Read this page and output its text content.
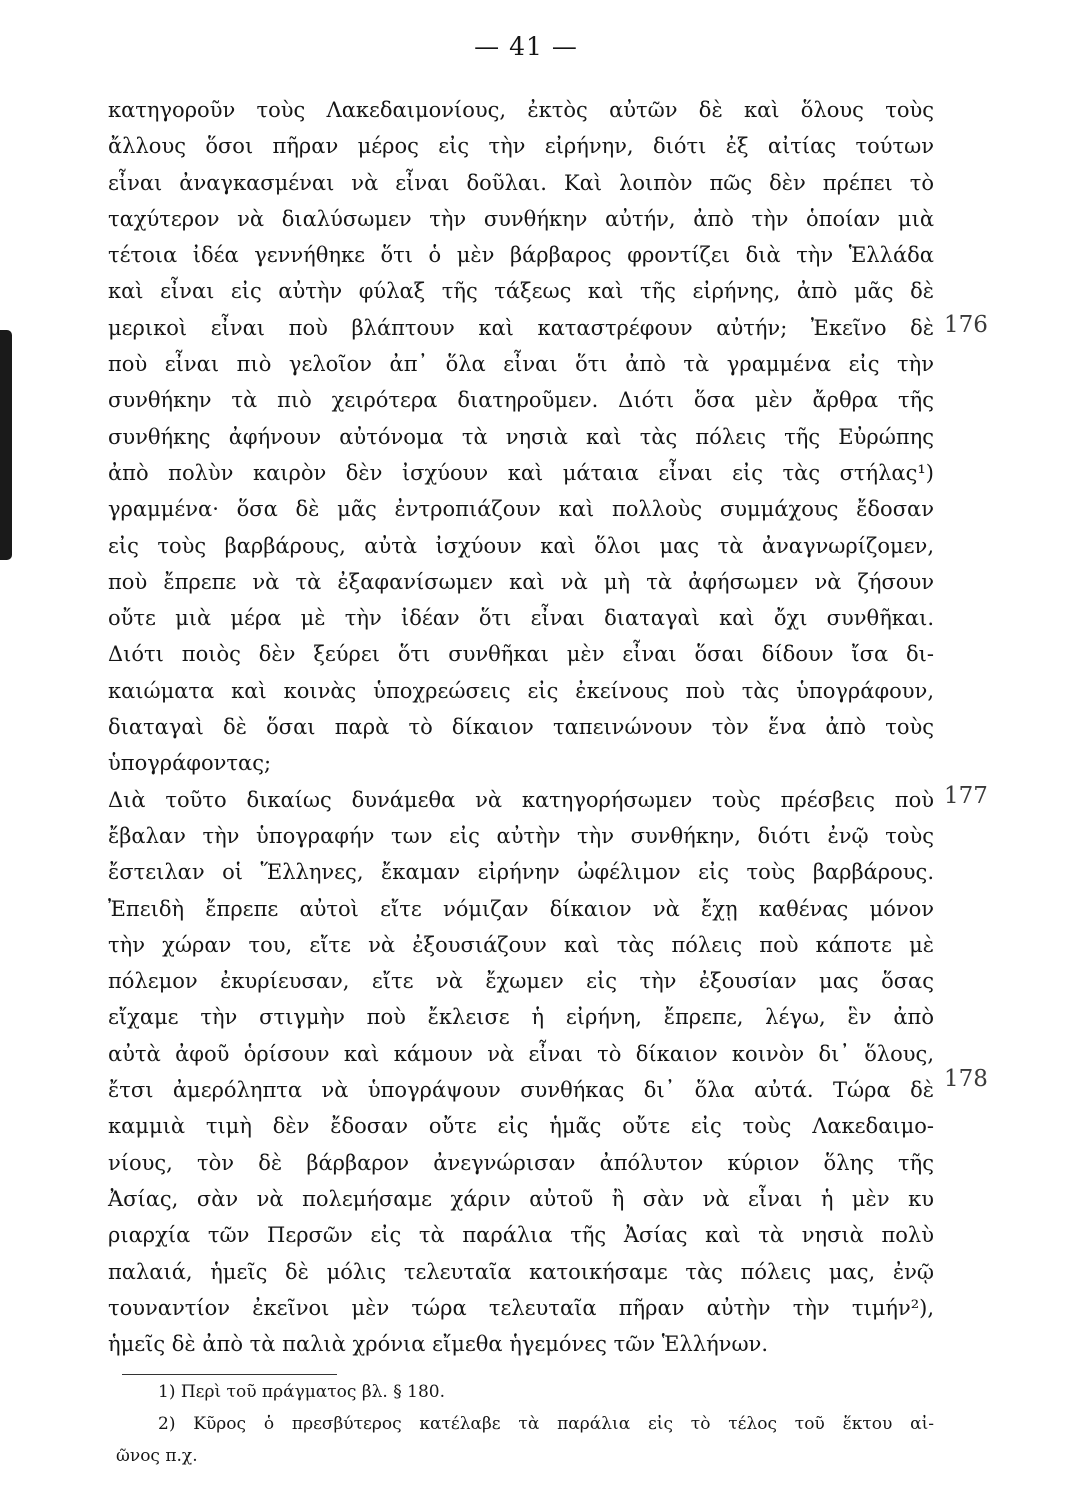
— 41 —
κατηγοροῦν τοὺς Λακεδαιμονίους, ἐκτὸς αὐτῶν δὲ καὶ ὅλους τοὺς
ἄλλους ὅσοι πῆραν μέρος εἰς τὴν εἰρήνην, διότι ἐξ αἰτίας τούτων
εἶναι ἀναγκασμέναι νὰ εἶναι δοῦλαι. Καὶ λοιπὸν πῶς δὲν πρέπει τὸ
ταχύτερον νὰ διαλύσωμεν τὴν συνθήκην αὐτήν, ἀπὸ τὴν ὁποίαν μιὰ
τέτοια ἰδέα γεννήθηκε ὅτι ὁ μὲν βάρβαρος φροντίζει διὰ τὴν Ἑλλάδα
καὶ εἶναι εἰς αὐτὴν φύλαξ τῆς τάξεως καὶ τῆς εἰρήνης, ἀπὸ μᾶς δὲ
μερικοὶ εἶναι ποὺ βλάπτουν καὶ καταστρέφουν αὐτήν; Ἐκεῖνο δὲ
ποὺ εἶναι πιὸ γελοῖον ἀπ᾿ ὅλα εἶναι ὅτι ἀπὸ τὰ γραμμένα εἰς τὴν
συνθήκην τὰ πιὸ χειρότερα διατηροῦμεν. Διότι ὅσα μὲν ἄρθρα τῆς
συνθήκης ἀφήνουν αὐτόνομα τὰ νησιὰ καὶ τὰς πόλεις τῆς Εὐρώπης
ἀπὸ πολὺν καιρὸν δὲν ἰσχύουν καὶ μάταια εἶναι εἰς τὰς στήλας¹)
γραμμένα· ὅσα δὲ μᾶς ἐντροπιάζουν καὶ πολλοὺς συμμάχους ἔδοσαν
εἰς τοὺς βαρβάρους, αὐτὰ ἰσχύουν καὶ ὅλοι μας τὰ ἀναγνωρίζομεν,
ποὺ ἔπρεπε νὰ τὰ ἐξαφανίσωμεν καὶ νὰ μὴ τὰ ἀφήσωμεν νὰ ζήσουν
οὔτε μιὰ μέρα μὲ τὴν ἰδέαν ὅτι εἶναι διαταγαὶ καὶ ὄχι συνθῆκαι.
Διότι ποιὸς δὲν ξεύρει ὅτι συνθῆκαι μὲν εἶναι ὅσαι δίδουν ἴσα δι-
καιώματα καὶ κοινὰς ὑποχρεώσεις εἰς ἐκείνους ποὺ τὰς ὑπογράφουν,
διαταγαὶ δὲ ὅσαι παρὰ τὸ δίκαιον ταπεινώνουν τὸν ἕνα ἀπὸ τοὺς
ὑπογράφοντας;
Διὰ τοῦτο δικαίως δυνάμεθα νὰ κατηγορήσωμεν τοὺς πρέσβεις ποὺ
ἔβαλαν τὴν ὑπογραφήν των εἰς αὐτὴν τὴν συνθήκην, διότι ἐνῷ τοὺς
ἔστειλαν οἱ Ἕλληνες, ἔκαμαν εἰρήνην ὠφέλιμον εἰς τοὺς βαρβάρους.
Ἐπειδὴ ἔπρεπε αὐτοὶ εἴτε νόμιζαν δίκαιον νὰ ἔχῃ καθένας μόνον
τὴν χώραν του, εἴτε νὰ ἐξουσιάζουν καὶ τὰς πόλεις ποὺ κάποτε μὲ
πόλεμον ἐκυρίευσαν, εἴτε νὰ ἔχωμεν εἰς τὴν ἐξουσίαν μας ὅσας
εἴχαμε τὴν στιγμὴν ποὺ ἔκλεισε ἡ εἰρήνη, ἔπρεπε, λέγω, ἓν ἀπὸ
αὐτὰ ἀφοῦ ὁρίσουν καὶ κάμουν νὰ εἶναι τὸ δίκαιον κοινὸν δι᾿ ὅλους,
ἔτσι ἀμερόληπτα νὰ ὑπογράψουν συνθήκας δι᾿ ὅλα αὐτά. Τώρα δὲ
καμμιὰ τιμὴ δὲν ἔδοσαν οὔτε εἰς ἡμᾶς οὔτε εἰς τοὺς Λακεδαιμο-
νίους, τὸν δὲ βάρβαρον ἀνεγνώρισαν ἀπόλυτον κύριον ὅλης τῆς
Ἀσίας, σὰν νὰ πολεμήσαμε χάριν αὐτοῦ ἢ σὰν νὰ εἶναι ἡ μὲν κυ
ριαρχία τῶν Περσῶν εἰς τὰ παράλια τῆς Ἀσίας καὶ τὰ νησιὰ πολὺ
παλαιά, ἡμεῖς δὲ μόλις τελευταῖα κατοικήσαμε τὰς πόλεις μας, ἐνῷ
τουναντίον ἐκεῖνοι μὲν τώρα τελευταῖα πῆραν αὐτὴν τὴν τιμήν²),
ἡμεῖς δὲ ἀπὸ τὰ παλιὰ χρόνια εἴμεθα ἡγεμόνες τῶν Ἑλλήνων.
176
177
178
1) Περὶ τοῦ πράγματος βλ. § 180.
2) Κῦρος ὁ πρεσβύτερος κατέλαβε τὰ παράλια εἰς τὸ τέλος τοῦ ἕκτου αἰ-
ῶνος π.χ.
